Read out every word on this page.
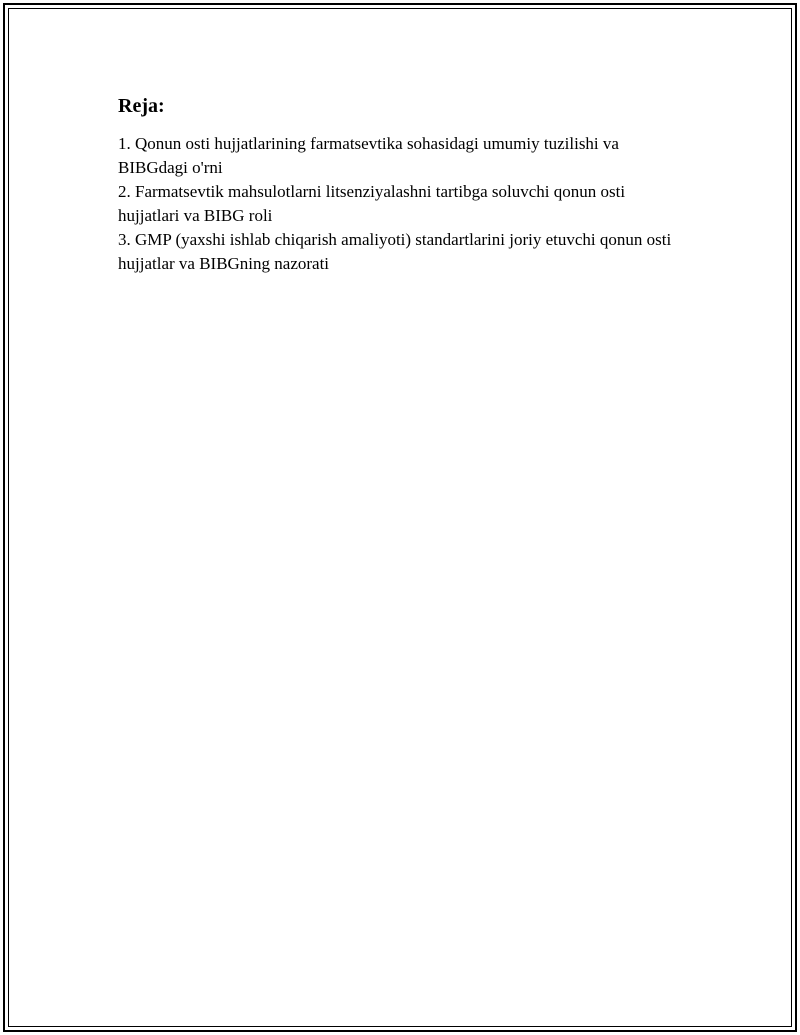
Reja:
1. Qonun osti hujjatlarining farmatsevtika sohasidagi umumiy tuzilishi va BIBGdagi o'rni
2. Farmatsevtik mahsulotlarni litsenziyalashni tartibga soluvchi qonun osti hujjatlari va BIBG roli
3. GMP (yaxshi ishlab chiqarish amaliyoti) standartlarini joriy etuvchi qonun osti hujjatlar va BIBGning nazorati
